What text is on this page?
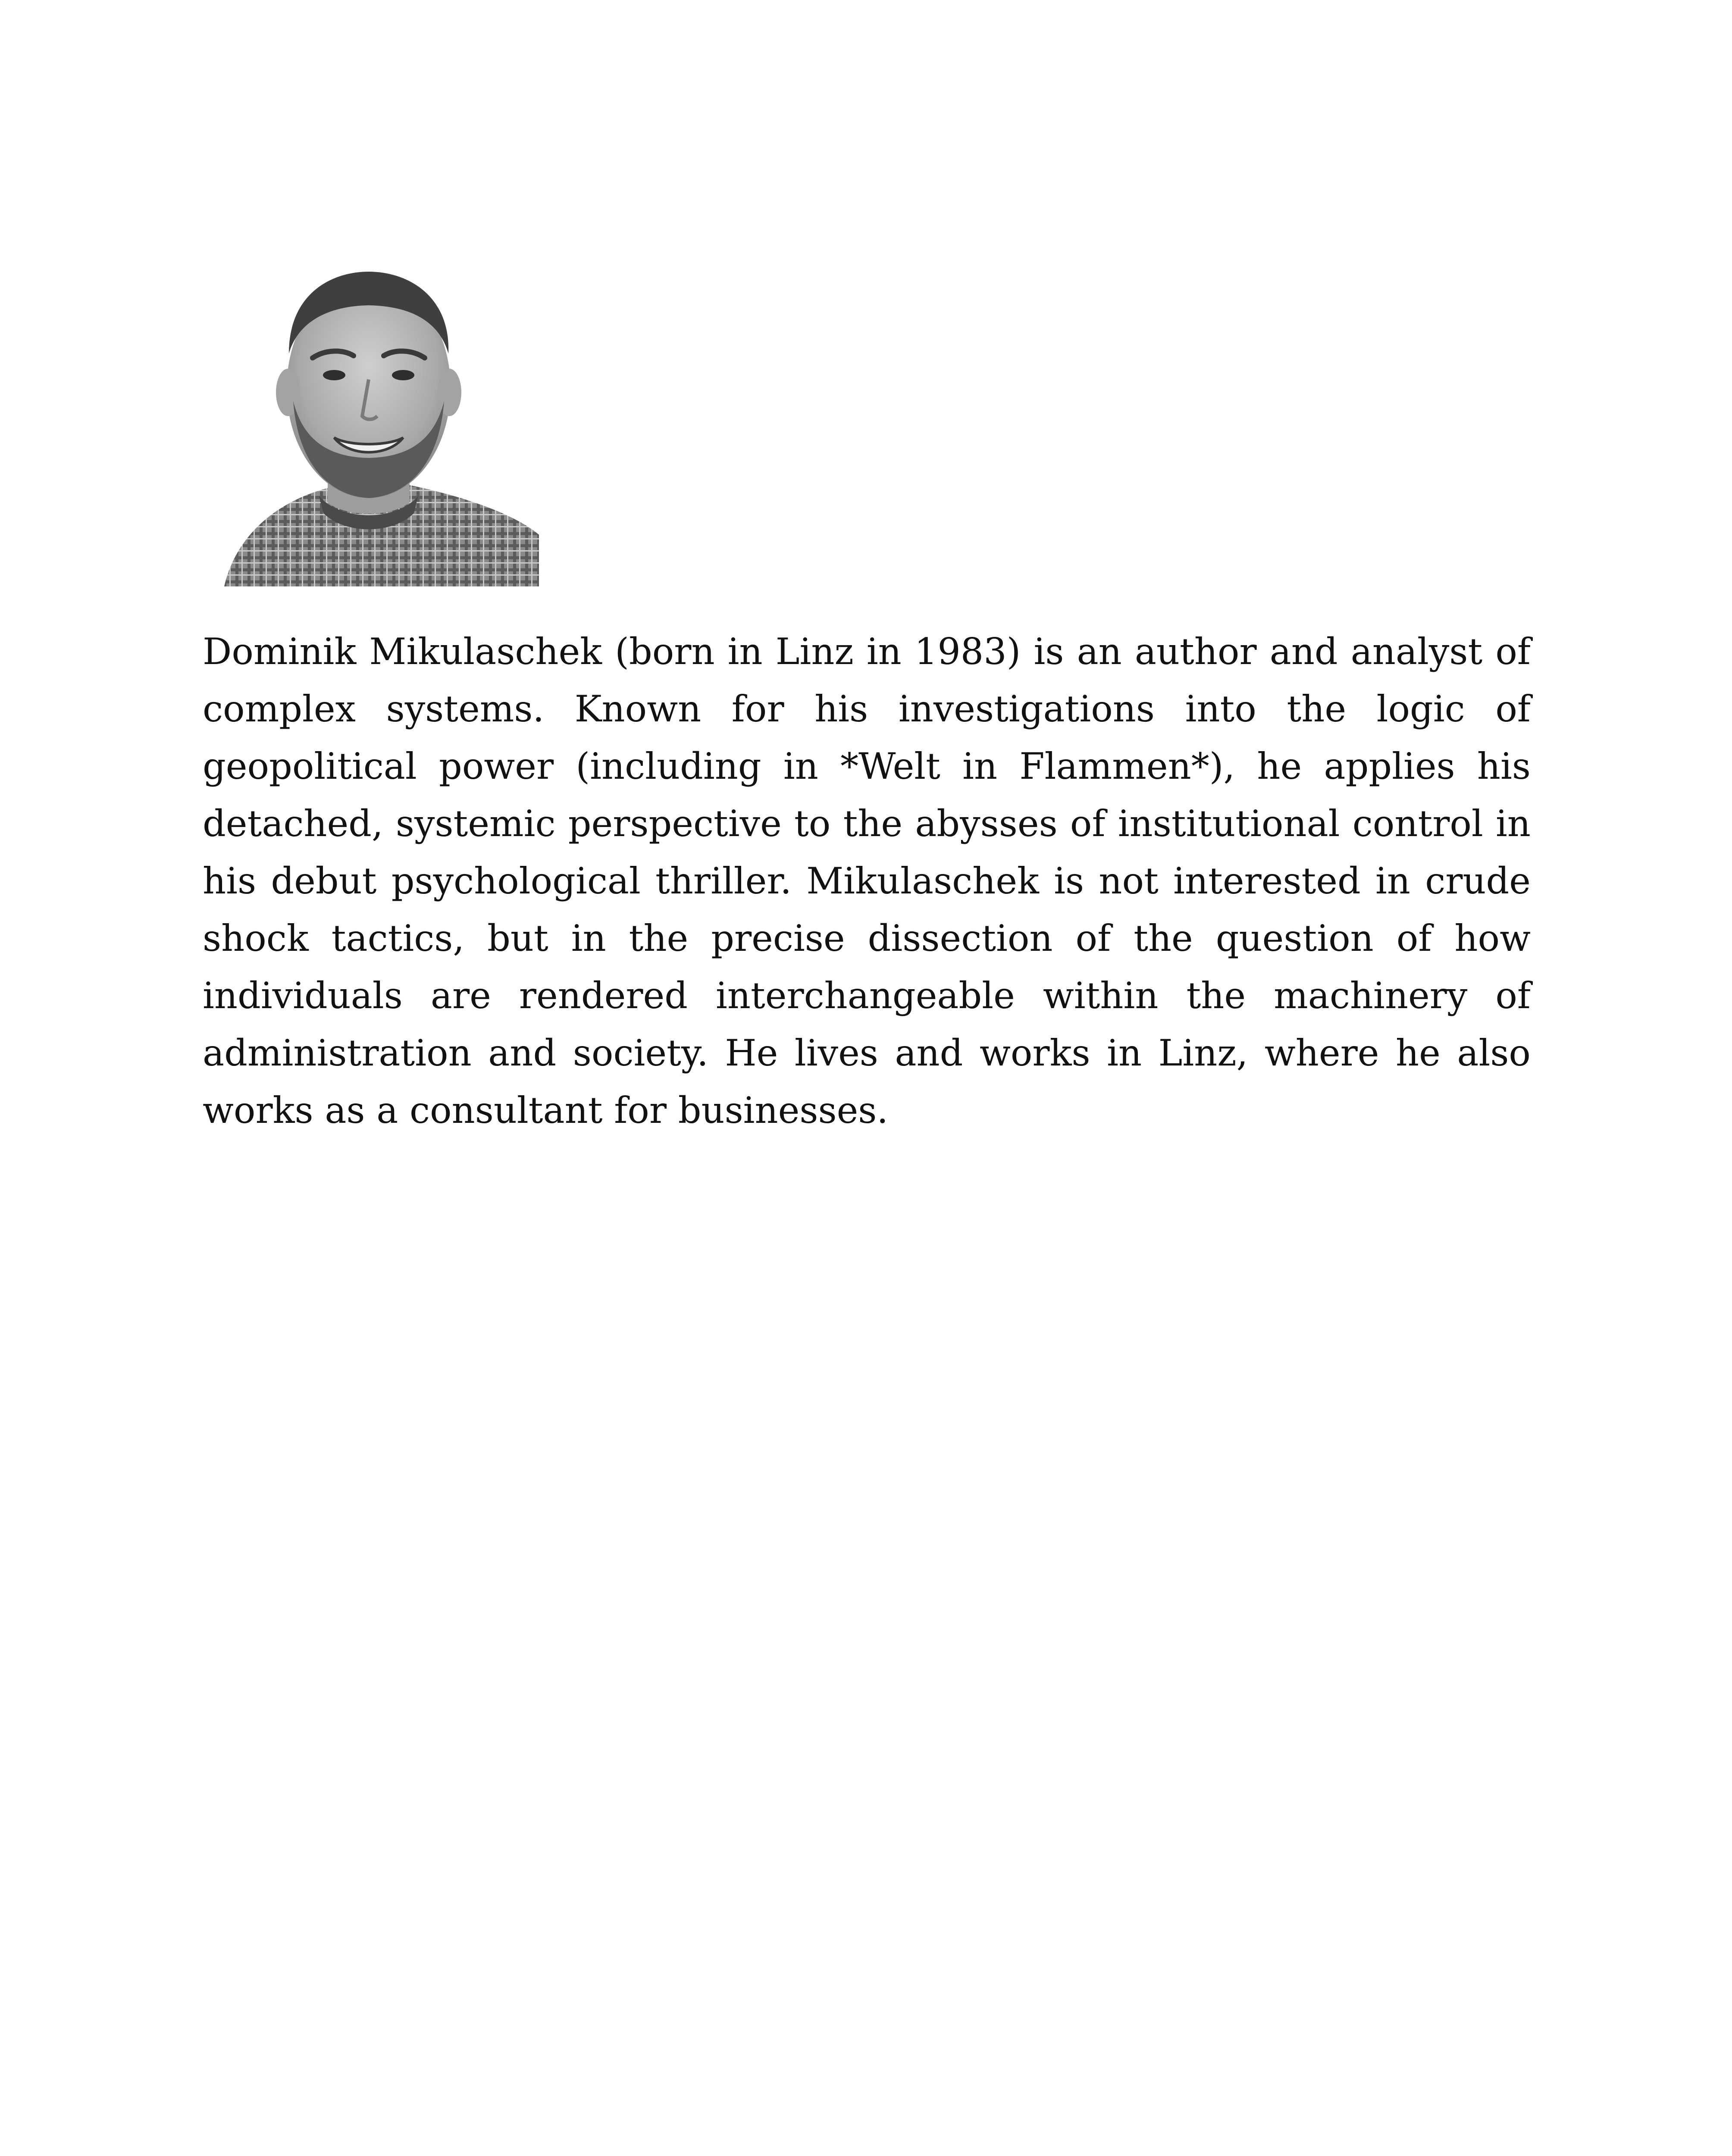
Dominik Mikulaschek (born in Linz in 1983) is an author and analyst of complex systems. Known for his investigations into the logic of geopolitical power (including in *Welt in Flammen*), he applies his detached, systemic perspective to the abysses of institutional control in his debut psychological thriller. Mikulaschek is not interested in crude shock tactics, but in the precise dissection of the question of how individuals are rendered interchangeable within the machinery of administration and society. He lives and works in Linz, where he also works as a consultant for businesses.
